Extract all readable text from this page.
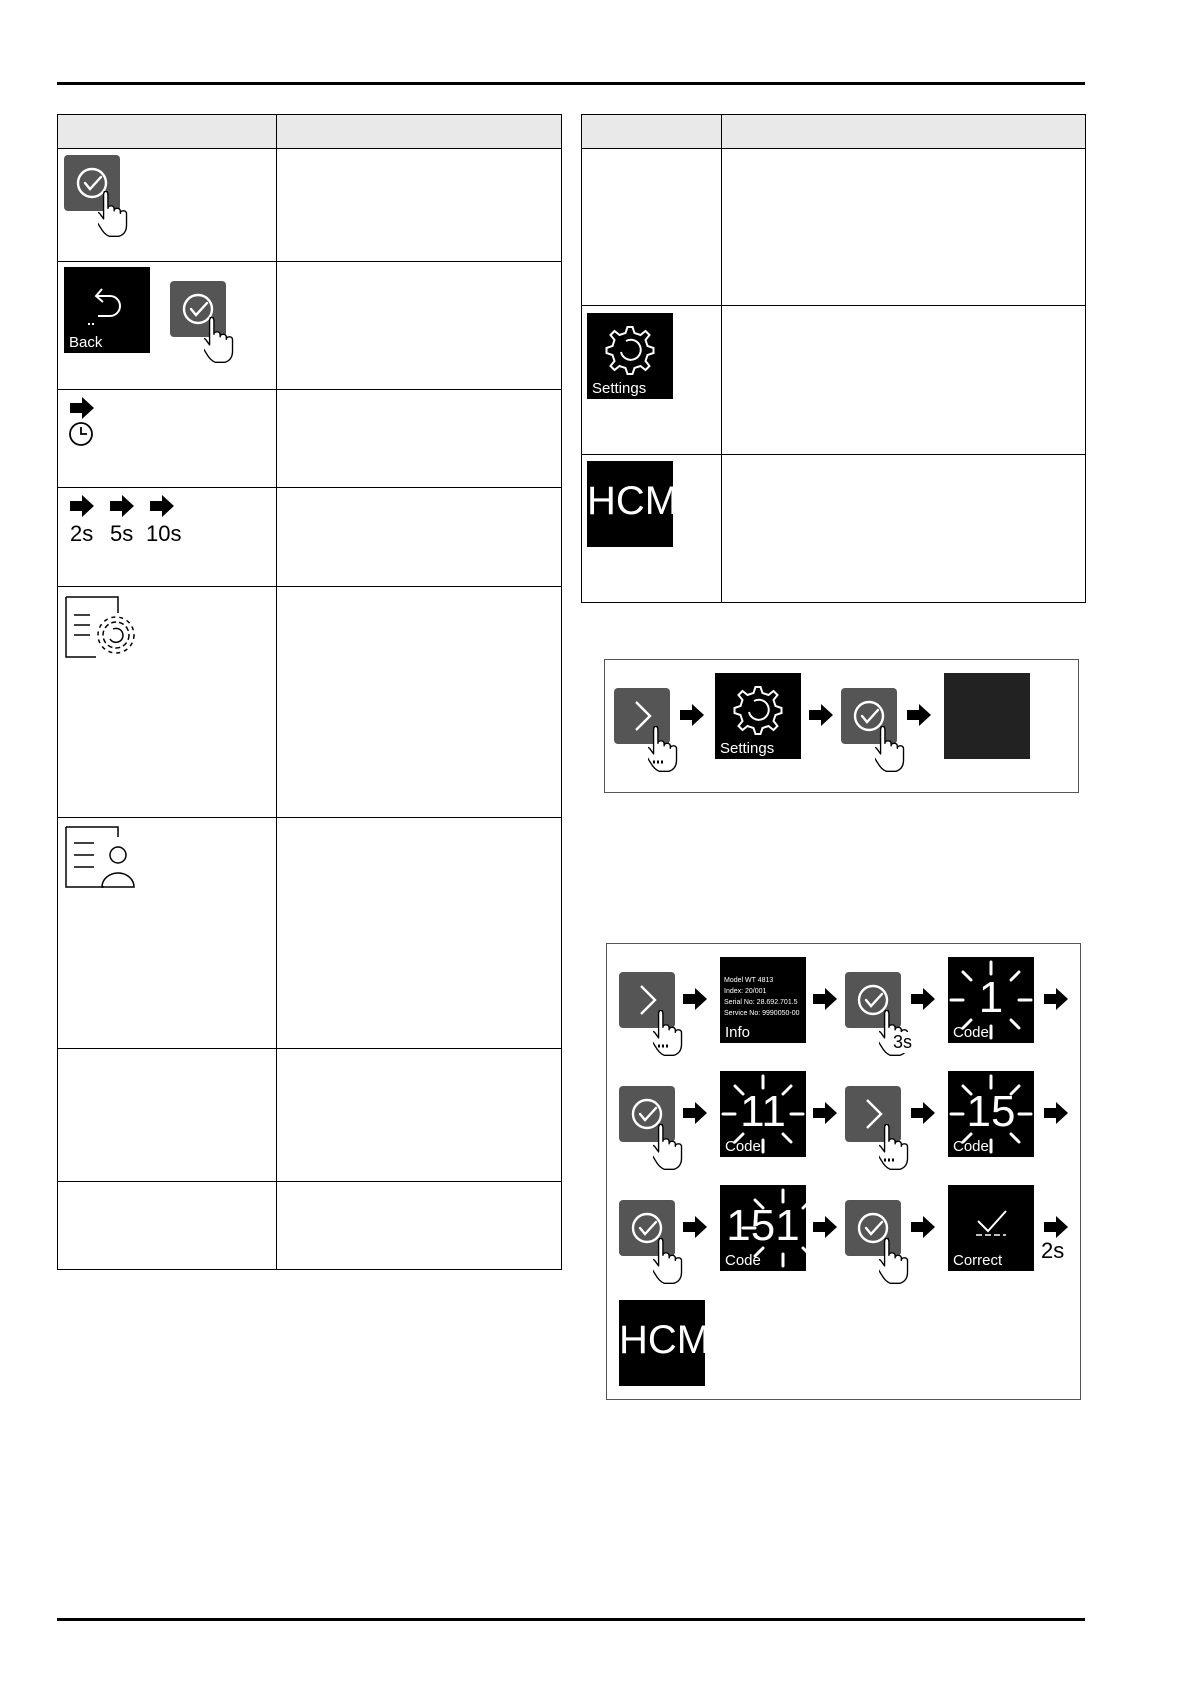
Back
2s 5s 10s
Settings
HCM
Settings
Model WT 4813
Index: 20/001
Serial No: 28.692.701.5
Service No: 9990050-00
Info	3s
1
Code
11
Code
15
Code
151
Code	Correct 2s
HCM
